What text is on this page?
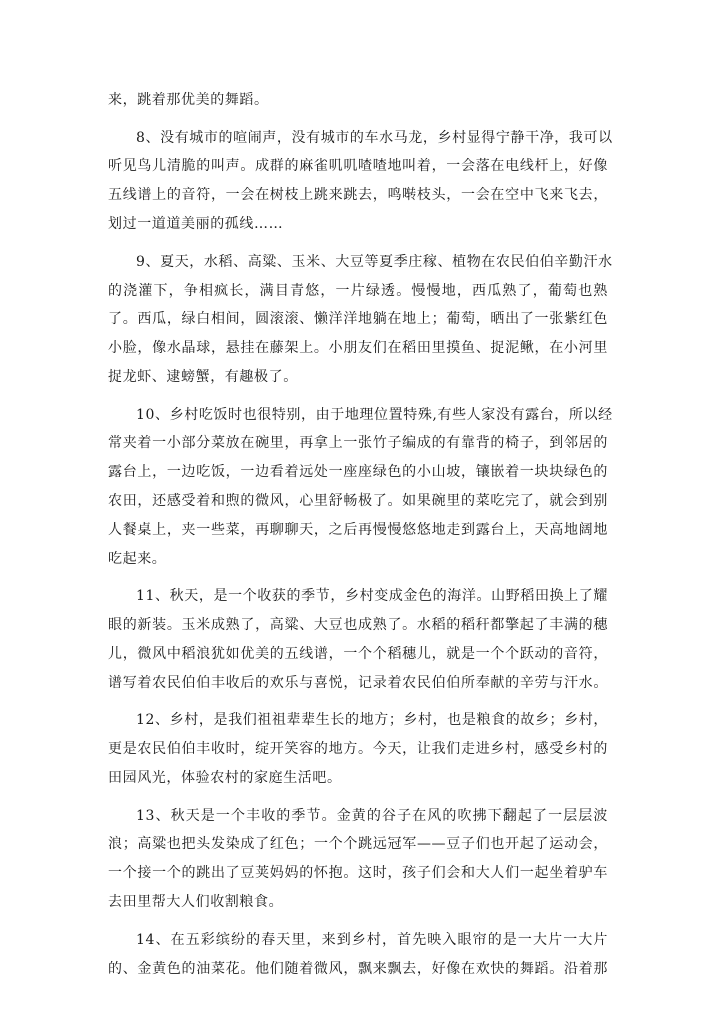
来，跳着那优美的舞蹈。
8、没有城市的喧闹声，没有城市的车水马龙，乡村显得宁静干净，我可以
听见鸟儿清脆的叫声。成群的麻雀叽叽喳喳地叫着，一会落在电线杆上，好像
五线谱上的音符，一会在树枝上跳来跳去，鸣啭枝头，一会在空中飞来飞去，
划过一道道美丽的孤线……
9、夏天，水稻、高粱、玉米、大豆等夏季庄稼、植物在农民伯伯辛勤汗水
的浇灌下，争相疯长，满目青悠，一片绿透。慢慢地，西瓜熟了，葡萄也熟
了。西瓜，绿白相间，圆滚滚、懒洋洋地躺在地上；葡萄，晒出了一张紫红色
小脸，像水晶球，悬挂在藤架上。小朋友们在稻田里摸鱼、捉泥鳅，在小河里
捉龙虾、逮螃蟹，有趣极了。
10、乡村吃饭时也很特别，由于地理位置特殊,有些人家没有露台，所以经
常夹着一小部分菜放在碗里，再拿上一张竹子编成的有靠背的椅子，到邻居的
露台上，一边吃饭，一边看着远处一座座绿色的小山坡，镶嵌着一块块绿色的
农田，还感受着和煦的微风，心里舒畅极了。如果碗里的菜吃完了，就会到别
人餐桌上，夹一些菜，再聊聊天，之后再慢慢悠悠地走到露台上，天高地阔地
吃起来。
11、秋天，是一个收获的季节，乡村变成金色的海洋。山野稻田换上了耀
眼的新装。玉米成熟了，高粱、大豆也成熟了。水稻的稻秆都擎起了丰满的穗
儿，微风中稻浪犹如优美的五线谱，一个个稻穗儿，就是一个个跃动的音符，
谱写着农民伯伯丰收后的欢乐与喜悦，记录着农民伯伯所奉献的辛劳与汗水。
12、乡村，是我们祖祖辈辈生长的地方；乡村，也是粮食的故乡；乡村，
更是农民伯伯丰收时，绽开笑容的地方。今天，让我们走进乡村，感受乡村的
田园风光，体验农村的家庭生活吧。
13、秋天是一个丰收的季节。金黄的谷子在风的吹拂下翻起了一层层波
浪；高粱也把头发染成了红色；一个个跳远冠军——豆子们也开起了运动会，
一个接一个的跳出了豆荚妈妈的怀抱。这时，孩子们会和大人们一起坐着驴车
去田里帮大人们收割粮食。
14、在五彩缤纷的春天里，来到乡村，首先映入眼帘的是一大片一大片
的、金黄色的油菜花。他们随着微风，飘来飘去，好像在欢快的舞蹈。沿着那
